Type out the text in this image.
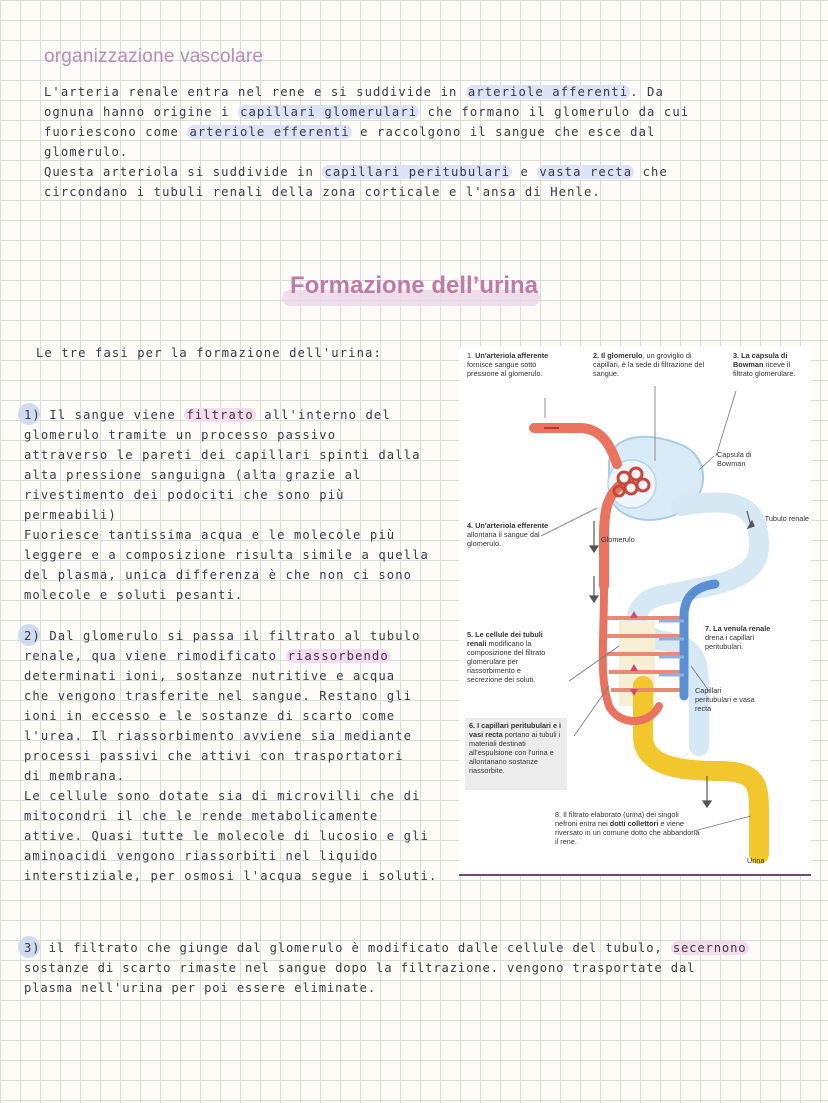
organizzazione vascolare
L'arteria renale entra nel rene e si suddivide in arteriole afferenti . Da
ognuna hanno origine i capillari glomerulari che formano il glomerulo da cui
fuoriescono come arteriole efferenti e raccolgono il sangue che esce dal
glomerulo.
Questa arteriola si suddivide in capillari peritubulari e vasta recta che
circondano i tubuli renali della zona corticale e l'ansa di Henle.
Formazione dell’urina
Le tre fasi per la formazione dell'urina:
1) Il sangue viene filtrato all'interno del
glomerulo tramite un processo passivo
attraverso le pareti dei capillari spinti dalla
alta pressione sanguigna (alta grazie al
rivestimento dei podociti che sono più
permeabili)
Fuoriesce tantissima acqua e le molecole più
leggere e a composizione risulta simile a quella
del plasma, unica differenza è che non ci sono
molecole e soluti pesanti.
2) Dal glomerulo si passa il filtrato al tubulo
renale, qua viene rimodificato riassorbendo
determinati ioni, sostanze nutritive e acqua
che vengono trasferite nel sangue. Restano gli
ioni in eccesso e le sostanze di scarto come
l'urea. Il riassorbimento avviene sia mediante
processi passivi che attivi con trasportatori
di membrana.
Le cellule sono dotate sia di microvilli che di
mitocondri il che le rende metabolicamente
attive. Quasi tutte le molecole di lucosio e gli
aminoacidi vengono riassorbiti nel liquido
interstiziale, per osmosi l'acqua segue i soluti.
3) il filtrato che giunge dal glomerulo è modificato dalle cellule del tubulo, secernono
sostanze di scarto rimaste nel sangue dopo la filtrazione. vengono trasportate dal
plasma nell'urina per poi essere eliminate.
1. Un'arteriola afferente fornisce sangue sotto pressione al glomerulo.
2. Il glomerulo, un groviglio di capillari, è la sede di filtrazione del sangue.
3. La capsula di Bowman riceve il filtrato glomerulare.
Capsula di Bowman
Tubulo renale
4. Un'arteriola efferente allontana il sangue dal glomerulo.	Glomerulo
5. Le cellule dei tubuli renali modificano la composizione del filtrato glomerulare per riassorbimento e secrezione dei soluti.
7. La venula renale drena i capillari peritubulari.
Capillari peritubulari e vasa recta
6. I capillari peritubulari e i vasi recta portano ai tubuli i materiali destinati all'espulsione con l'urina e allontanano sostanze riassorbite.
8. Il filtrato elaborato (urina) dei singoli nefroni entra nei dotti collettori e viene riversato in un comune dotto che abbandona il rene.
Urina
